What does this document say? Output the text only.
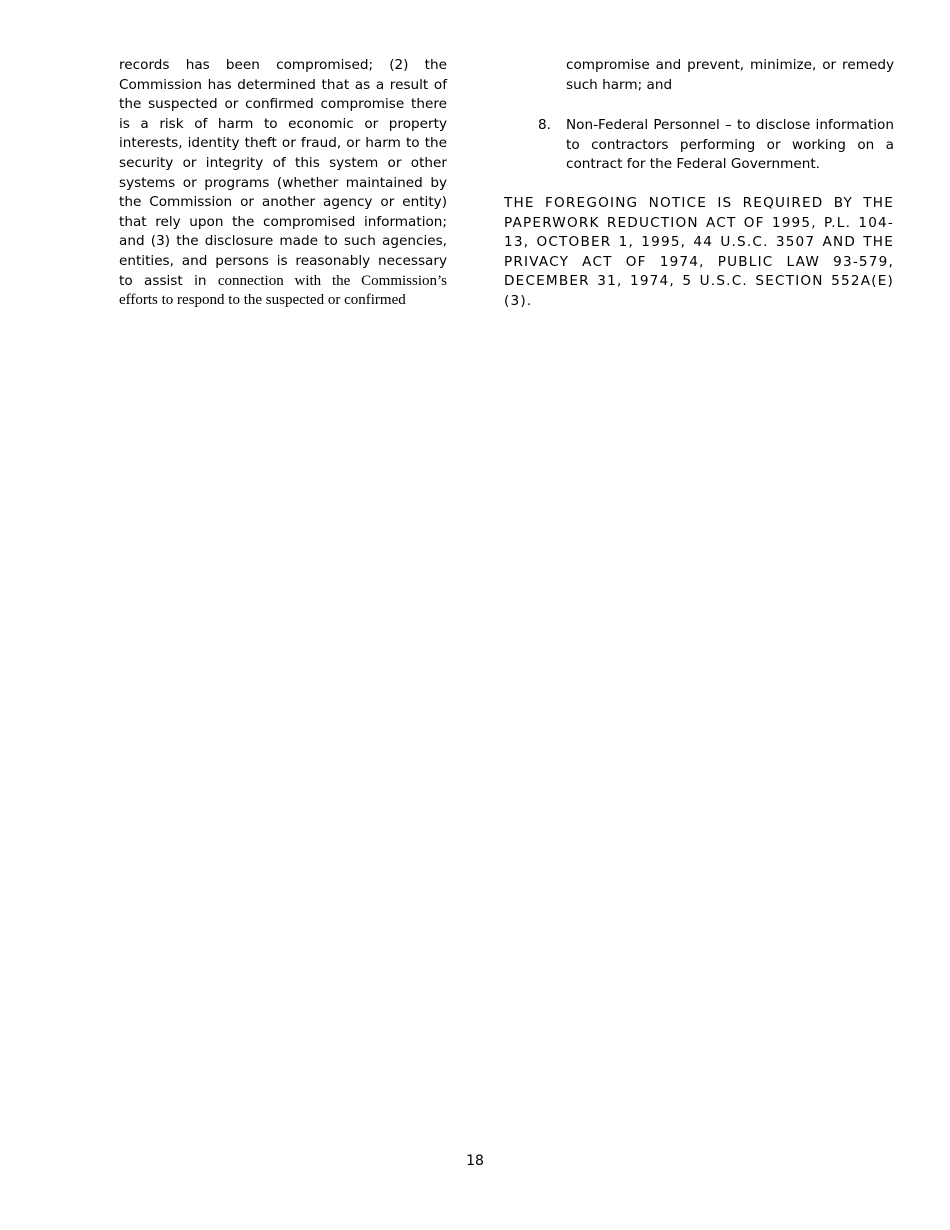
records has been compromised; (2) the Commission has determined that as a result of the suspected or confirmed compromise there is a risk of harm to economic or property interests, identity theft or fraud, or harm to the security or integrity of this system or other systems or programs (whether maintained by the Commission or another agency or entity) that rely upon the compromised information; and (3) the disclosure made to such agencies, entities, and persons is reasonably necessary to assist in connection with the Commission’s efforts to respond to the suspected or confirmed

compromise and prevent, minimize, or remedy such harm; and

8. Non-Federal Personnel – to disclose information to contractors performing or working on a contract for the Federal Government.

THE FOREGOING NOTICE IS REQUIRED BY THE PAPERWORK REDUCTION ACT OF 1995, P.L. 104-13, OCTOBER 1, 1995, 44 U.S.C. 3507 AND THE PRIVACY ACT OF 1974, PUBLIC LAW 93-579, DECEMBER 31, 1974, 5 U.S.C. SECTION 552A(E)(3).

18
